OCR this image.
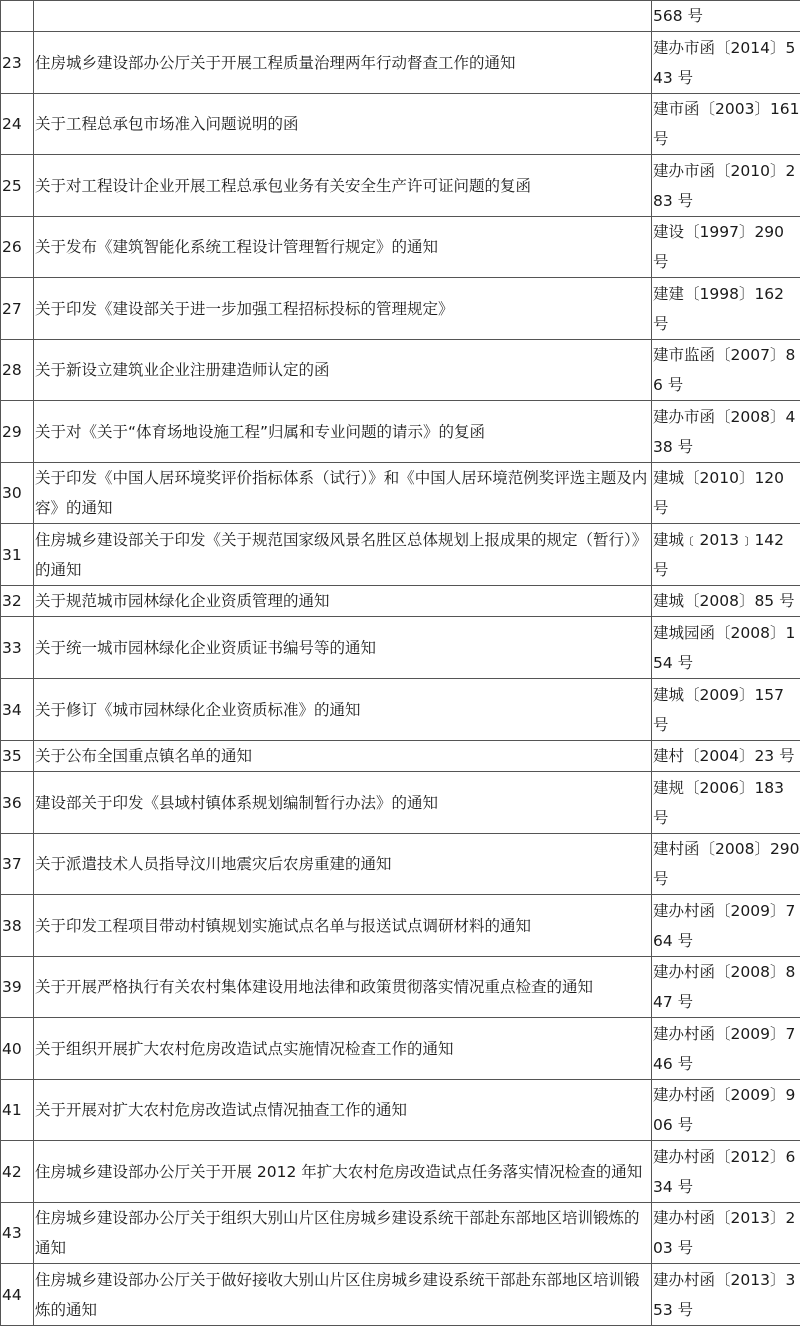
		568 号
23	住房城乡建设部办公厅关于开展工程质量治理两年行动督查工作的通知	建办市函〔2014〕543 号
24	关于工程总承包市场准入问题说明的函	建市函〔2003〕161 号
25	关于对工程设计企业开展工程总承包业务有关安全生产许可证问题的复函	建办市函〔2010〕283 号
26	关于发布《建筑智能化系统工程设计管理暂行规定》的通知	建设〔1997〕290 号
27	关于印发《建设部关于进一步加强工程招标投标的管理规定》	建建〔1998〕162 号
28	关于新设立建筑业企业注册建造师认定的函	建市监函〔2007〕86 号
29	关于对《关于“体育场地设施工程”归属和专业问题的请示》的复函	建办市函〔2008〕438 号
30	关于印发《中国人居环境奖评价指标体系（试行）》和《中国人居环境范例奖评选主题及内容》的通知	建城〔2010〕120 号
31	住房城乡建设部关于印发《关于规范国家级风景名胜区总体规划上报成果的规定（暂行）》的通知	建城﹝2013﹞142 号
32	关于规范城市园林绿化企业资质管理的通知	建城〔2008〕85 号
33	关于统一城市园林绿化企业资质证书编号等的通知	建城园函〔2008〕154 号
34	关于修订《城市园林绿化企业资质标准》的通知	建城〔2009〕157 号
35	关于公布全国重点镇名单的通知	建村〔2004〕23 号
36	建设部关于印发《县域村镇体系规划编制暂行办法》的通知	建规〔2006〕183 号
37	关于派遣技术人员指导汶川地震灾后农房重建的通知	建村函〔2008〕290 号
38	关于印发工程项目带动村镇规划实施试点名单与报送试点调研材料的通知	建办村函〔2009〕764 号
39	关于开展严格执行有关农村集体建设用地法律和政策贯彻落实情况重点检查的通知	建办村函〔2008〕847 号
40	关于组织开展扩大农村危房改造试点实施情况检查工作的通知	建办村函〔2009〕746 号
41	关于开展对扩大农村危房改造试点情况抽查工作的通知	建办村函〔2009〕906 号
42	住房城乡建设部办公厅关于开展 2012 年扩大农村危房改造试点任务落实情况检查的通知	建办村函〔2012〕634 号
43	住房城乡建设部办公厅关于组织大别山片区住房城乡建设系统干部赴东部地区培训锻炼的通知	建办村函〔2013〕203 号
44	住房城乡建设部办公厅关于做好接收大别山片区住房城乡建设系统干部赴东部地区培训锻炼的通知	建办村函〔2013〕353 号
